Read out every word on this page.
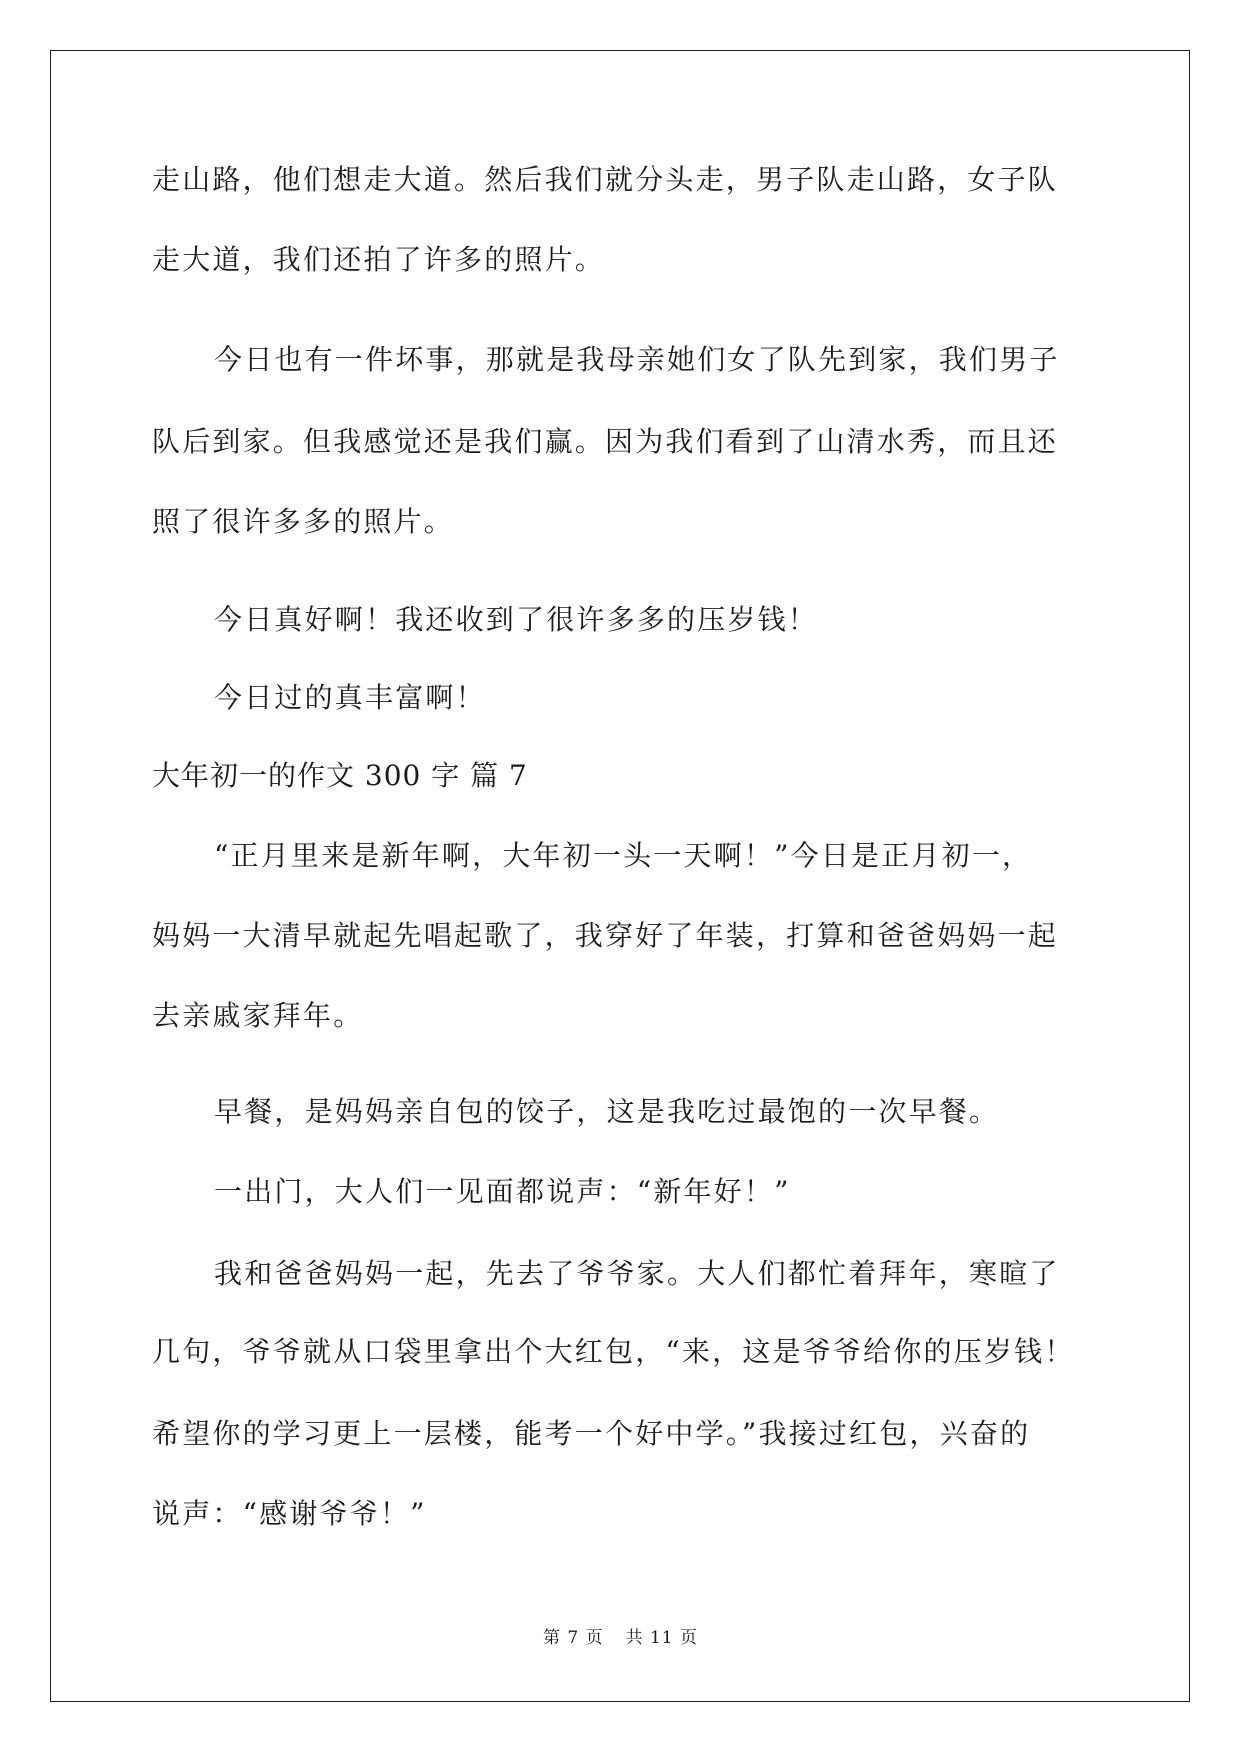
走山路，他们想走大道。然后我们就分头走，男子队走山路，女子队
走大道，我们还拍了许多的照片。
今日也有一件坏事，那就是我母亲她们女了队先到家，我们男子
队后到家。但我感觉还是我们赢。因为我们看到了山清水秀，而且还
照了很许多多的照片。
今日真好啊！我还收到了很许多多的压岁钱！
今日过的真丰富啊！
大年初一的作文 300 字 篇 7
“正月里来是新年啊，大年初一头一天啊！”今日是正月初一，
妈妈一大清早就起先唱起歌了，我穿好了年装，打算和爸爸妈妈一起
去亲戚家拜年。
早餐，是妈妈亲自包的饺子，这是我吃过最饱的一次早餐。
一出门，大人们一见面都说声：“新年好！”
我和爸爸妈妈一起，先去了爷爷家。大人们都忙着拜年，寒暄了
几句，爷爷就从口袋里拿出个大红包，“来，这是爷爷给你的压岁钱！
希望你的学习更上一层楼，能考一个好中学。”我接过红包，兴奋的
说声：“感谢爷爷！”
第 7 页 共 11 页
